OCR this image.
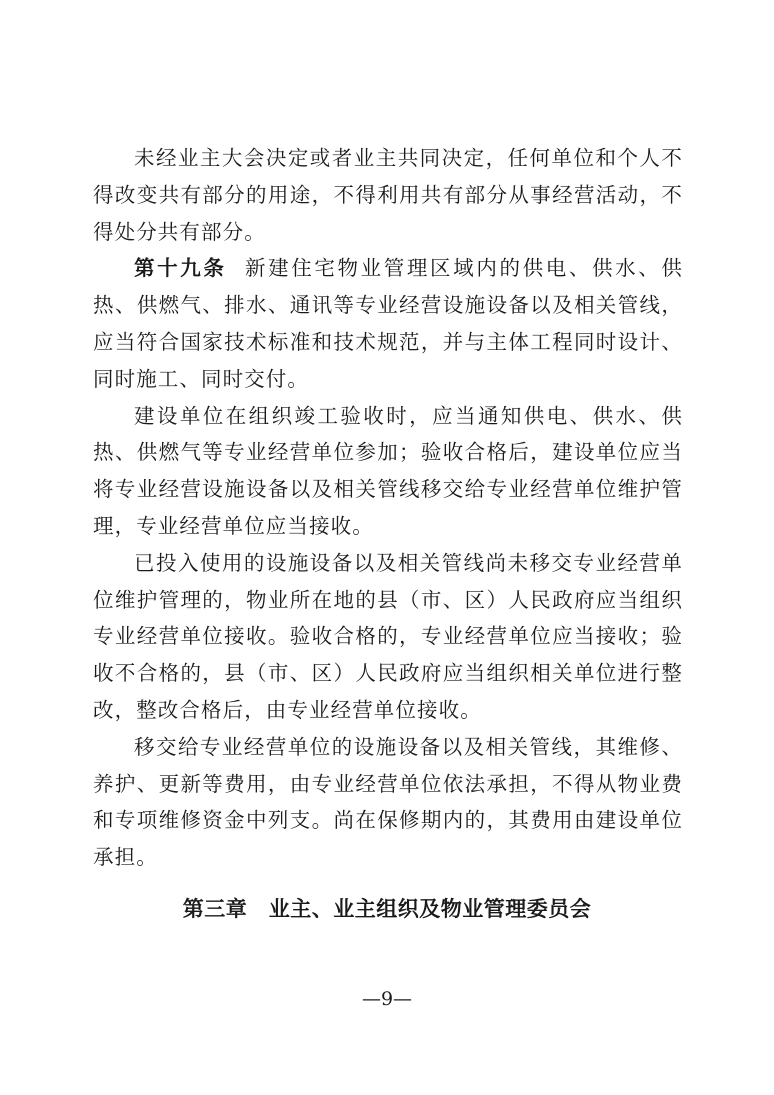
未经业主大会决定或者业主共同决定，任何单位和个人不得改变共有部分的用途，不得利用共有部分从事经营活动，不得处分共有部分。

第十九条 新建住宅物业管理区域内的供电、供水、供热、供燃气、排水、通讯等专业经营设施设备以及相关管线，应当符合国家技术标准和技术规范，并与主体工程同时设计、同时施工、同时交付。

建设单位在组织竣工验收时，应当通知供电、供水、供热、供燃气等专业经营单位参加；验收合格后，建设单位应当将专业经营设施设备以及相关管线移交给专业经营单位维护管理，专业经营单位应当接收。

已投入使用的设施设备以及相关管线尚未移交专业经营单位维护管理的，物业所在地的县（市、区）人民政府应当组织专业经营单位接收。验收合格的，专业经营单位应当接收；验收不合格的，县（市、区）人民政府应当组织相关单位进行整改，整改合格后，由专业经营单位接收。

移交给专业经营单位的设施设备以及相关管线，其维修、养护、更新等费用，由专业经营单位依法承担，不得从物业费和专项维修资金中列支。尚在保修期内的，其费用由建设单位承担。

第三章　业主、业主组织及物业管理委员会
—9—
